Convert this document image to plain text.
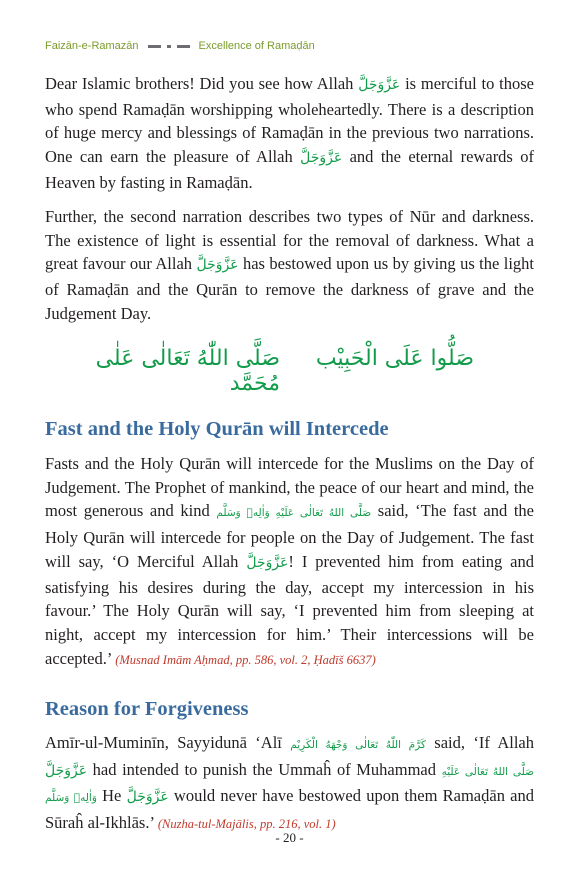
Faizān-e-Ramazān	Excellence of Ramaḍān

Dear Islamic brothers! Did you see how Allah عَزَّوَجَلَّ is merciful to those who spend Ramaḍān worshipping wholeheartedly. There is a description of huge mercy and blessings of Ramaḍān in the previous two narrations. One can earn the pleasure of Allah عَزَّوَجَلَّ and the eternal rewards of Heaven by fasting in Ramaḍān.

Further, the second narration describes two types of Nūr and darkness. The existence of light is essential for the removal of darkness. What a great favour our Allah عَزَّوَجَلَّ has bestowed upon us by giving us the light of Ramaḍān and the Qurān to remove the darkness of grave and the Judgement Day.

صَلُّوا عَلَى الْحَبِيْب
صَلَّى اللّٰهُ تَعَالٰى عَلٰى مُحَمَّد
Fast and the Holy Qurān will Intercede

Fasts and the Holy Qurān will intercede for the Muslims on the Day of Judgement. The Prophet of mankind, the peace of our heart and mind, the most generous and kind صَلَّى اللهُ تَعَالٰى عَلَيْهِ وَاٰلِهٖ وَسَلَّم said, ‘The fast and the Holy Qurān will intercede for people on the Day of Judgement. The fast will say, ‘O Merciful Allah عَزَّوَجَلَّ! I prevented him from eating and satisfying his desires during the day, accept my intercession in his favour.’ The Holy Qurān will say, ‘I prevented him from sleeping at night, accept my intercession for him.’ Their intercessions will be accepted.’ (Musnad Imām Aḥmad, pp. 586, vol. 2, Ḥadīš 6637)

Reason for Forgiveness

Amīr-ul-Muminīn, Sayyidunā ‘Alī كَرَّمَ اللّٰهُ تَعَالٰى وَجْهَهُ الْكَرِيْم said, ‘If Allah عَزَّوَجَلَّ had intended to punish the Ummaĥ of Muhammad صَلَّى اللهُ تَعَالٰى عَلَيْهِ وَاٰلِهٖ وَسَلَّم He عَزَّوَجَلَّ would never have bestowed upon them Ramaḍān and Sūraĥ al-Ikhlās.’ (Nuzha-tul-Majālis, pp. 216, vol. 1)

- 20 -
